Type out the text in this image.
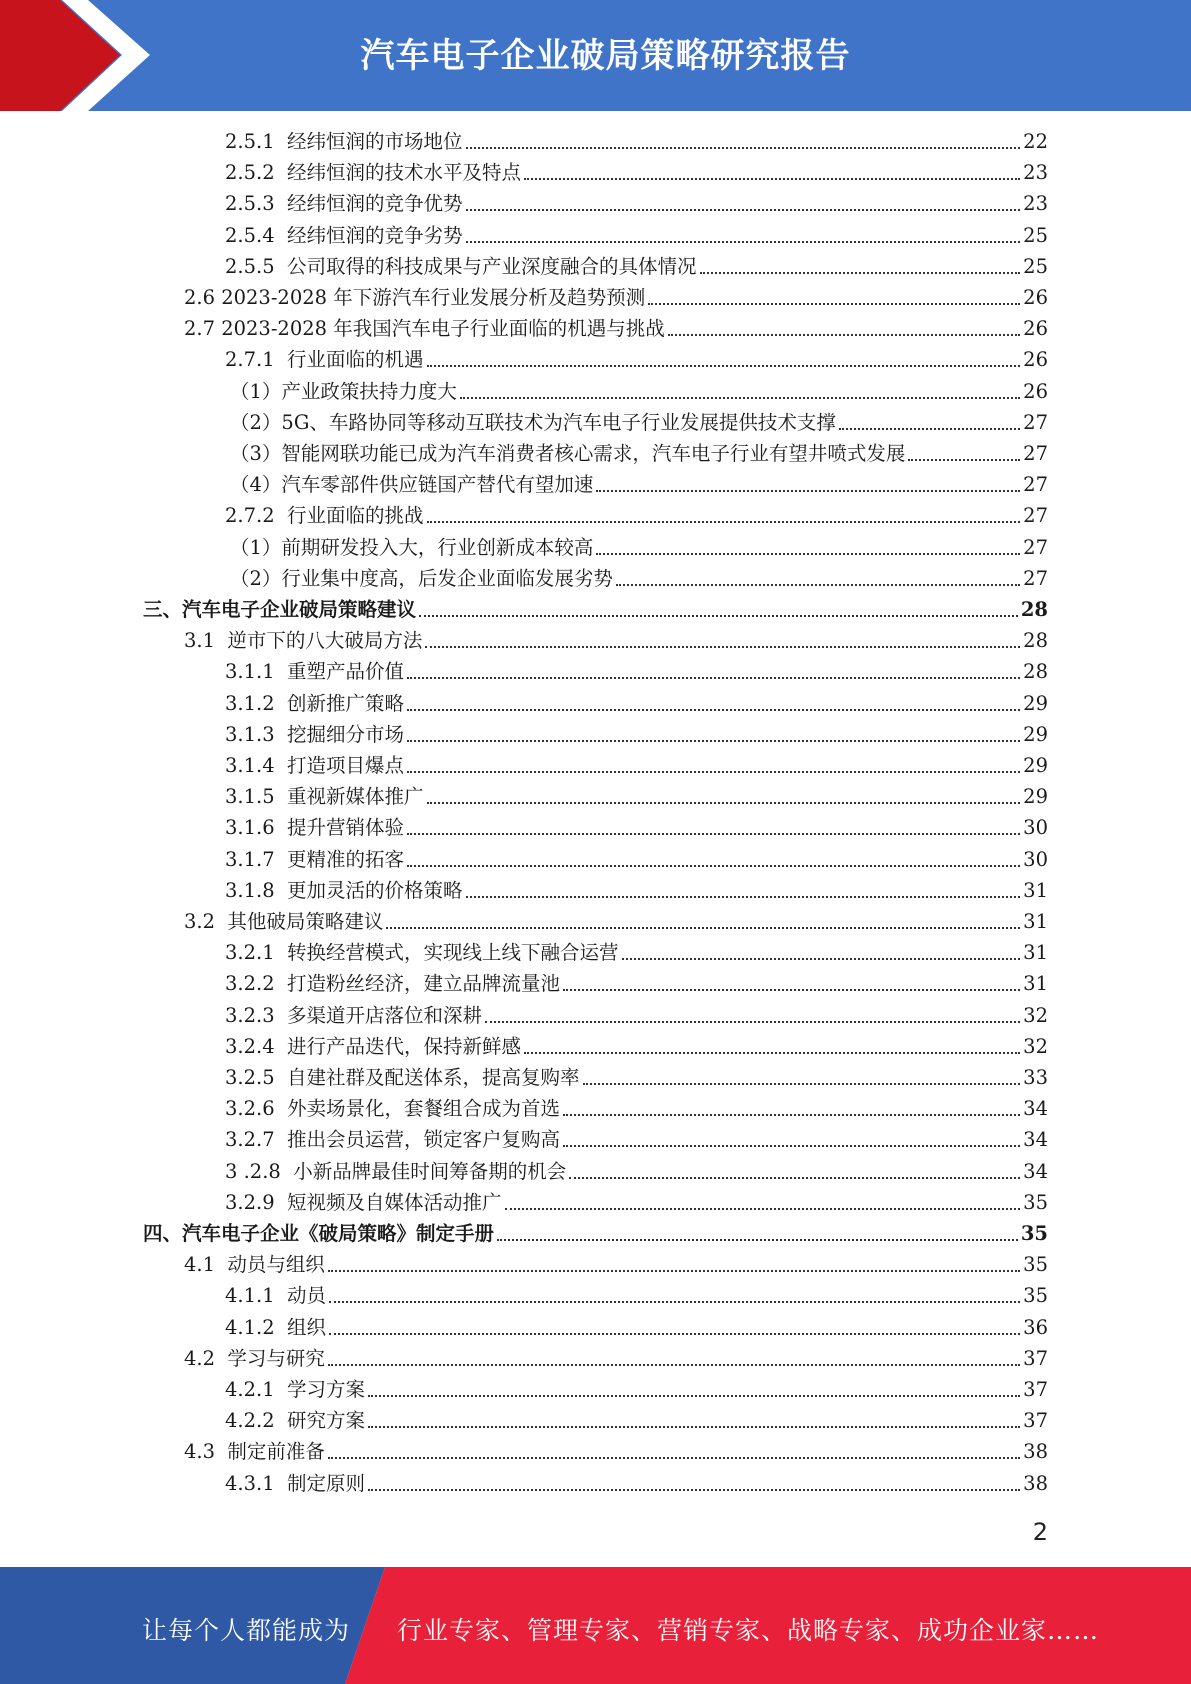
汽车电子企业破局策略研究报告
2.5.1  经纬恒润的市场地位	22
2.5.2  经纬恒润的技术水平及特点	23
2.5.3  经纬恒润的竞争优势	23
2.5.4  经纬恒润的竞争劣势	25
2.5.5  公司取得的科技成果与产业深度融合的具体情况	25
2.6 2023-2028 年下游汽车行业发展分析及趋势预测	26
2.7 2023-2028 年我国汽车电子行业面临的机遇与挑战	26
2.7.1  行业面临的机遇	26
（1）产业政策扶持力度大	26
（2）5G、车路协同等移动互联技术为汽车电子行业发展提供技术支撑	27
（3）智能网联功能已成为汽车消费者核心需求，汽车电子行业有望井喷式发展	27
（4）汽车零部件供应链国产替代有望加速	27
2.7.2  行业面临的挑战	27
（1）前期研发投入大，行业创新成本较高	27
（2）行业集中度高，后发企业面临发展劣势	27
三、汽车电子企业破局策略建议	28
3.1  逆市下的八大破局方法	28
3.1.1  重塑产品价值	28
3.1.2  创新推广策略	29
3.1.3  挖掘细分市场	29
3.1.4  打造项目爆点	29
3.1.5  重视新媒体推广	29
3.1.6  提升营销体验	30
3.1.7  更精准的拓客	30
3.1.8  更加灵活的价格策略	31
3.2  其他破局策略建议	31
3.2.1  转换经营模式，实现线上线下融合运营	31
3.2.2  打造粉丝经济，建立品牌流量池	31
3.2.3  多渠道开店落位和深耕	32
3.2.4  进行产品迭代，保持新鲜感	32
3.2.5  自建社群及配送体系，提高复购率	33
3.2.6  外卖场景化，套餐组合成为首选	34
3.2.7  推出会员运营，锁定客户复购高	34
3 .2.8  小新品牌最佳时间筹备期的机会	34
3.2.9  短视频及自媒体活动推广	35
四、汽车电子企业《破局策略》制定手册	35
4.1  动员与组织	35
4.1.1  动员	35
4.1.2  组织	36
4.2  学习与研究	37
4.2.1  学习方案	37
4.2.2  研究方案	37
4.3  制定前准备	38
4.3.1  制定原则	38
2
让每个人都能成为 行业专家、管理专家、营销专家、战略专家、成功企业家……
